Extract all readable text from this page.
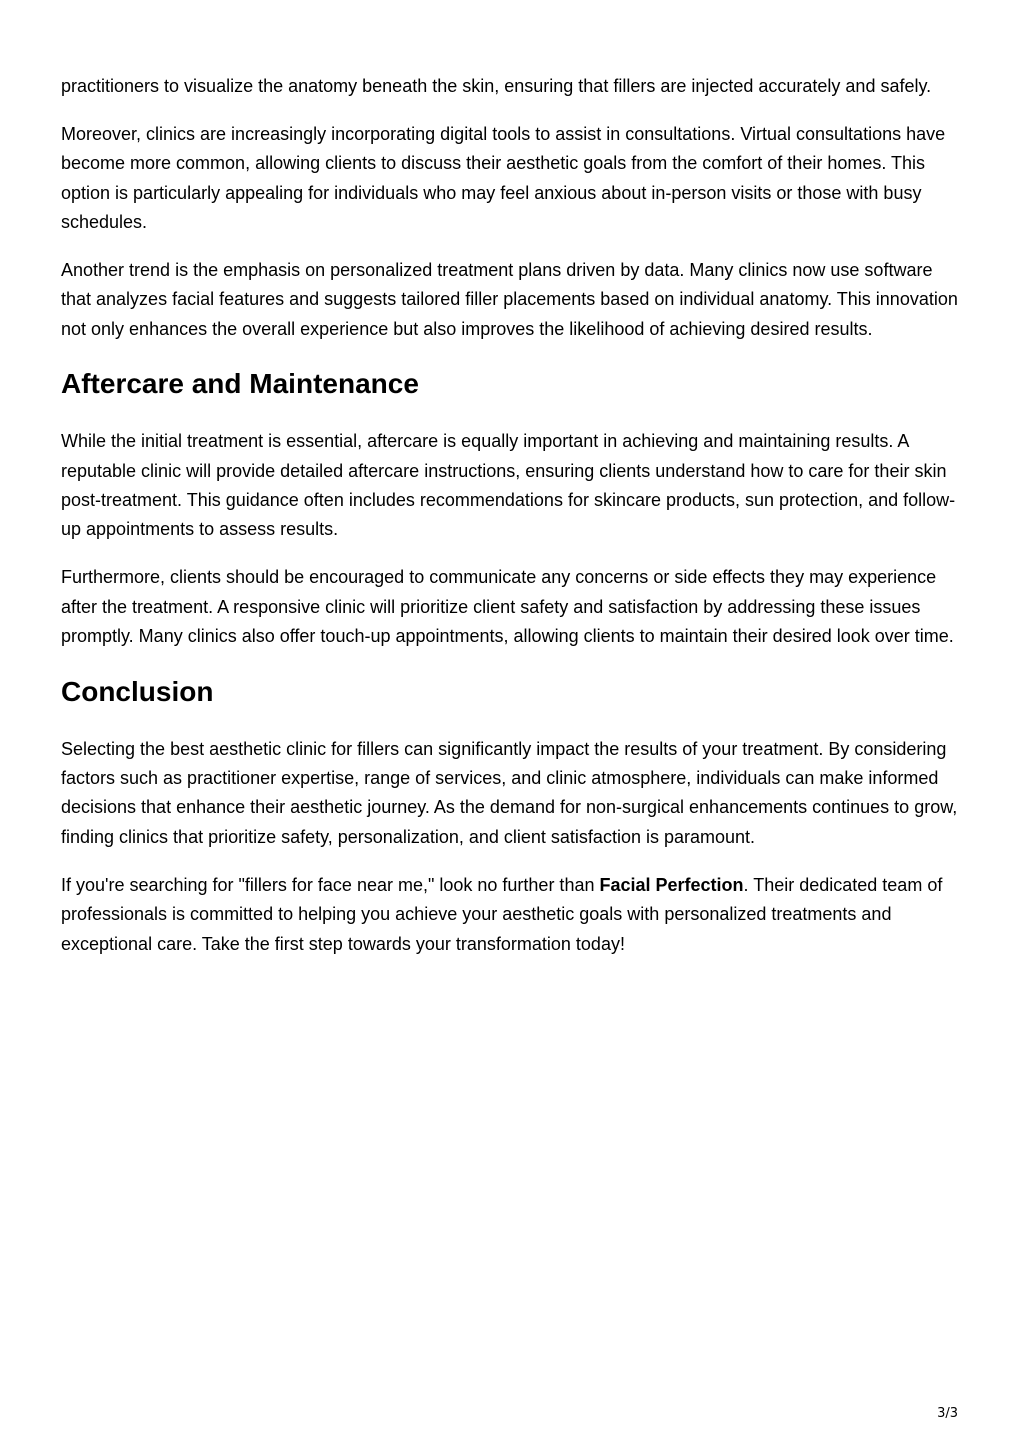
practitioners to visualize the anatomy beneath the skin, ensuring that fillers are injected accurately and safely.

Moreover, clinics are increasingly incorporating digital tools to assist in consultations. Virtual consultations have become more common, allowing clients to discuss their aesthetic goals from the comfort of their homes. This option is particularly appealing for individuals who may feel anxious about in-person visits or those with busy schedules.

Another trend is the emphasis on personalized treatment plans driven by data. Many clinics now use software that analyzes facial features and suggests tailored filler placements based on individual anatomy. This innovation not only enhances the overall experience but also improves the likelihood of achieving desired results.

Aftercare and Maintenance

While the initial treatment is essential, aftercare is equally important in achieving and maintaining results. A reputable clinic will provide detailed aftercare instructions, ensuring clients understand how to care for their skin post-treatment. This guidance often includes recommendations for skincare products, sun protection, and follow-up appointments to assess results.

Furthermore, clients should be encouraged to communicate any concerns or side effects they may experience after the treatment. A responsive clinic will prioritize client safety and satisfaction by addressing these issues promptly. Many clinics also offer touch-up appointments, allowing clients to maintain their desired look over time.

Conclusion

Selecting the best aesthetic clinic for fillers can significantly impact the results of your treatment. By considering factors such as practitioner expertise, range of services, and clinic atmosphere, individuals can make informed decisions that enhance their aesthetic journey. As the demand for non-surgical enhancements continues to grow, finding clinics that prioritize safety, personalization, and client satisfaction is paramount.

If you're searching for "fillers for face near me," look no further than Facial Perfection. Their dedicated team of professionals is committed to helping you achieve your aesthetic goals with personalized treatments and exceptional care. Take the first step towards your transformation today!

3/3
